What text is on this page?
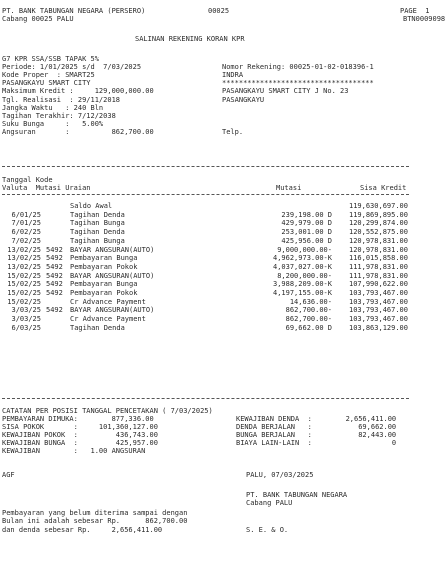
PT. BANK TABUNGAN NEGARA (PERSERO)	00025	PAGE  1
Cabang 00025 PALU	BTN0009098
SALINAN REKENING KORAN KPR
G7 KPR SSA/SSB TAPAK 5%
Periode: 1/01/2025 s/d  7/03/2025
Kode Proper  : SMART25
PASANGKAYU SMART CITY
Maksimum Kredit :     129,000,000.00
Tgl. Realisasi  : 29/11/2018
Jangka Waktu   : 240 Bln
Tagihan Terakhir: 7/12/2038
Suku Bunga     :   5.00%
Angsuran       :          862,700.00
Nomor Rekening: 00025-01-02-018396-1
INDRA
************************************
PASANGKAYU SMART CITY J No. 23
PASANGKAYU
Telp.
Tanggal Kode
Valuta  Mutasi Uraian	Mutasi	Sisa Kredit
Saldo Awal	119,630,697.00
6/01/25	Tagihan Denda	239,198.00 D 119,869,895.00
7/01/25	Tagihan Bunga	429,979.00 D 120,299,874.00
6/02/25	Tagihan Denda	253,001.00 D 120,552,875.00
7/02/25	Tagihan Bunga	425,956.00 D 120,978,831.00
13/02/25 5492 BAYAR ANGSURAN(AUTO)	9,000,000.00- 120,978,831.00
13/02/25 5492 Pembayaran Bunga	4,962,973.00-K 116,015,858.00
13/02/25 5492 Pembayaran Pokok	4,037,027.00-K 111,978,831.00
15/02/25 5492 BAYAR ANGSURAN(AUTO)	8,200,000.00- 111,978,831.00
15/02/25 5492 Pembayaran Bunga	3,988,209.00-K 107,990,622.00
15/02/25 5492 Pembayaran Pokok	4,197,155.00-K 103,793,467.00
15/02/25	Cr Advance Payment	14,636.00- 103,793,467.00
3/03/25 5492 BAYAR ANGSURAN(AUTO)	862,700.00- 103,793,467.00
3/03/25	Cr Advance Payment	862,700.00- 103,793,467.00
6/03/25	Tagihan Denda	69,662.00 D 103,863,129.00
CATATAN PER POSISI TANGGAL PENCETAKAN ( 7/03/2025)
PEMBAYARAN DIMUKA:        877,336.00
SISA POKOK       :     101,360,127.00
KEWAJIBAN POKOK  :         436,743.00
KEWAJIBAN BUNGA  :         425,957.00
KEWAJIBAN        :   1.00 ANGSURAN
KEWAJIBAN DENDA  :        2,656,411.00
DENDA BERJALAN   :           69,662.00
BUNGA BERJALAN   :           82,443.00
BIAYA LAIN-LAIN  :                   0
AGF	PALU, 07/03/2025
PT. BANK TABUNGAN NEGARA
Cabang PALU
Pembayaran yang belum diterima sampai dengan
Bulan ini adalah sebesar Rp.      862,700.00
dan denda sebesar Rp.     2,656,411.00	S. E. & O.
